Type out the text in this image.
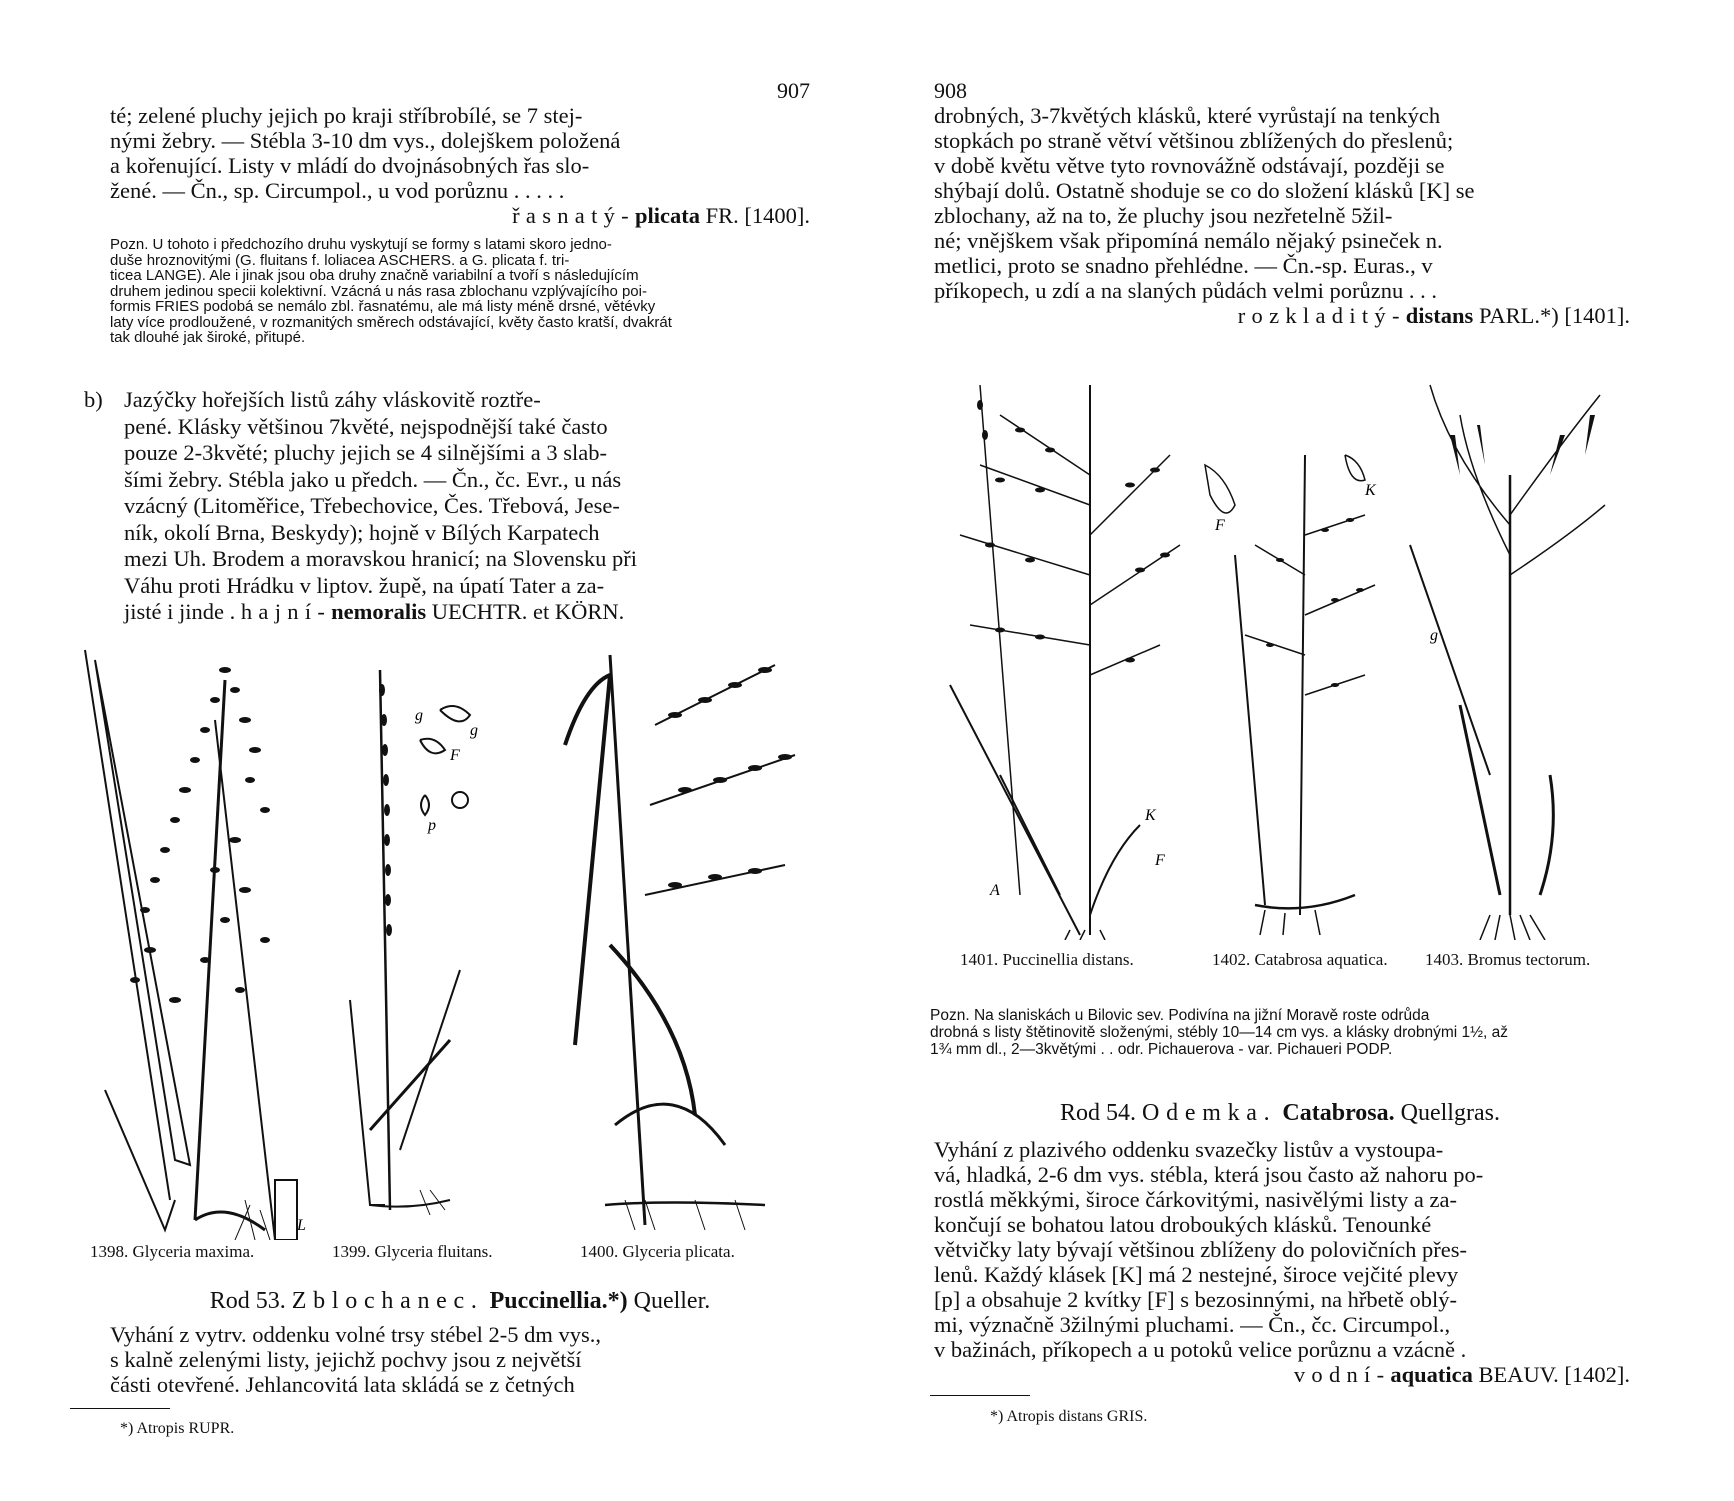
907

té; zelené pluchy jejich po kraji stříbrobílé, se 7 stej-

nými žebry. — Stébla 3-10 dm vys., dolejškem položená

a kořenující. Listy v mládí do dvojnásobných řas slo-

žené. — Čn., sp. Circumpol., u vod porůznu . . . . .

řasnatý-plicata FR. [1400].

Pozn. U tohoto i předchozího druhu vyskytují se formy s latami skoro jedno-

duše hroznovitými (G. fluitans f. loliacea ASCHERS. a G. plicata f. tri-

ticea LANGE). Ale i jinak jsou oba druhy značně variabilní a tvoří s následujícím

druhem jedinou specii kolektivní. Vzácná u nás rasa zblochanu vzplývajícího poi-

formis FRIES podobá se nemálo zbl. řasnatému, ale má listy méně drsné, větévky

laty více prodloužené, v rozmanitých směrech odstávající, květy často kratší, dvakrát

tak dlouhé jak široké, přitupé.

b) Jazýčky hořejších listů záhy vláskovitě roztře-

pené. Klásky většinou 7květé, nejspodnější také často

pouze 2-3květé; pluchy jejich se 4 silnějšími a 3 slab-

šími žebry. Stébla jako u předch. — Čn., čc. Evr., u nás

vzácný (Litoměřice, Třebechovice, Čes. Třebová, Jese-

ník, okolí Brna, Beskydy); hojně v Bílých Karpatech

mezi Uh. Brodem a moravskou hranicí; na Slovensku při

Váhu proti Hrádku v liptov. župě, na úpatí Tater a za-

jisté i jinde . hajní-nemoralis UECHTR. et KÖRN.

L
1398. Glyceria maxima.
g
F
p
g
1399. Glyceria fluitans.	1400. Glyceria plicata.
Rod 53. Zblochanec. Puccinellia.*) Queller.

Vyhání z vytrv. oddenku volné trsy stébel 2-5 dm vys.,

s kalně zelenými listy, jejichž pochvy jsou z největší

části otevřené. Jehlancovitá lata skládá se z četných

*) Atropis RUPR.
908

drobných, 3-7květých klásků, které vyrůstají na tenkých

stopkách po straně větví většinou zblížených do přeslenů;

v době květu větve tyto rovnovážně odstávají, později se

shýbají dolů. Ostatně shoduje se co do složení klásků [K] se

zblochany, až na to, že pluchy jsou nezřetelně 5žil-

né; vnějškem však připomíná nemálo nějaký psineček n.

metlici, proto se snadno přehlédne. — Čn.-sp. Euras., v

příkopech, u zdí a na slaných půdách velmi porůznu . . .

rozkladitý-distans PARL.*) [1401].

A
K
F
1401. Puccinellia distans.
F
K
1402. Catabrosa aquatica.
g
1403. Bromus tectorum.

Pozn. Na slaniskách u Bilovic sev. Podivína na jižní Moravě roste odrůda

drobná s listy štětinovitě složenými, stébly 10—14 cm vys. a klásky drobnými 1½, až

1¾ mm dl., 2—3květými . . odr. Pichauerova - var. Pichaueri PODP.

Rod 54. Odemka. Catabrosa. Quellgras.

Vyhání z plazivého oddenku svazečky listův a vystoupa-

vá, hladká, 2-6 dm vys. stébla, která jsou často až nahoru po-

rostlá měkkými, široce čárkovitými, nasivělými listy a za-

končují se bohatou latou droboukých klásků. Tenounké

větvičky laty bývají většinou zblíženy do polovičních přes-

lenů. Každý klásek [K] má 2 nestejné, široce vejčité plevy

[p] a obsahuje 2 kvítky [F] s bezosinnými, na hřbetě oblý-

mi, význačně 3žilnými pluchami. — Čn., čc. Circumpol.,

v bažinách, příkopech a u potoků velice porůznu a vzácně .

vodní-aquatica BEAUV. [1402].

*) Atropis distans GRIS.
